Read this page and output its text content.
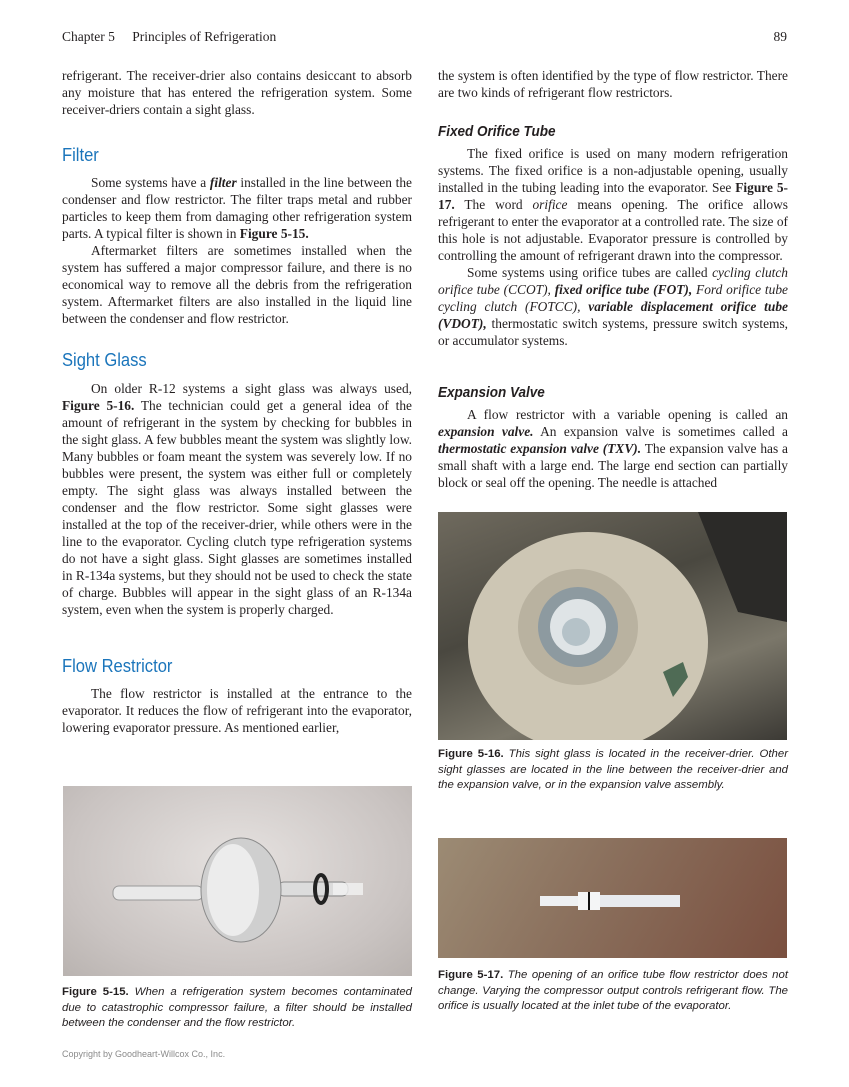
Chapter 5 Principles of Refrigeration	89

refrigerant. The receiver-drier also contains desiccant to absorb any moisture that has entered the refrigeration system. Some receiver-driers contain a sight glass.

Filter

Some systems have a filter installed in the line between the condenser and flow restrictor. The filter traps metal and rubber particles to keep them from damaging other refrigeration system parts. A typical filter is shown in Figure 5-15.

Aftermarket filters are sometimes installed when the system has suffered a major compressor failure, and there is no economical way to remove all the debris from the refrigeration system. Aftermarket filters are also installed in the liquid line between the condenser and flow restrictor.

Sight Glass

On older R-12 systems a sight glass was always used, Figure 5-16. The technician could get a general idea of the amount of refrigerant in the system by checking for bubbles in the sight glass. A few bubbles meant the system was slightly low. Many bubbles or foam meant the system was severely low. If no bubbles were present, the system was either full or completely empty. The sight glass was always installed between the condenser and the flow restrictor. Some sight glasses were installed at the top of the receiver-drier, while others were in the line to the evaporator. Cycling clutch type refrigeration systems do not have a sight glass. Sight glasses are sometimes installed in R-134a systems, but they should not be used to check the state of charge. Bubbles will appear in the sight glass of an R-134a system, even when the system is properly charged.

Flow Restrictor

The flow restrictor is installed at the entrance to the evaporator. It reduces the flow of refrigerant into the evaporator, lowering evaporator pressure. As mentioned earlier,

Figure 5-15. When a refrigeration system becomes contaminated due to catastrophic compressor failure, a filter should be installed between the condenser and the flow restrictor.
Copyright by Goodheart-Willcox Co., Inc.

the system is often identified by the type of flow restrictor. There are two kinds of refrigerant flow restrictors.

Fixed Orifice Tube

The fixed orifice is used on many modern refrigeration systems. The fixed orifice is a non-adjustable opening, usually installed in the tubing leading into the evaporator. See Figure 5-17. The word orifice means opening. The orifice allows refrigerant to enter the evaporator at a controlled rate. The size of this hole is not adjustable. Evaporator pressure is controlled by controlling the amount of refrigerant drawn into the compressor.

Some systems using orifice tubes are called cycling clutch orifice tube (CCOT), fixed orifice tube (FOT), Ford orifice tube cycling clutch (FOTCC), variable displacement orifice tube (VDOT), thermostatic switch systems, pressure switch systems, or accumulator systems.

Expansion Valve

A flow restrictor with a variable opening is called an expansion valve. An expansion valve is sometimes called a thermostatic expansion valve (TXV). The expansion valve has a small shaft with a large end. The large end section can partially block or seal off the opening. The needle is attached

Figure 5-16. This sight glass is located in the receiver-drier. Other sight glasses are located in the line between the receiver-drier and the expansion valve, or in the expansion valve assembly.
Figure 5-17. The opening of an orifice tube flow restrictor does not change. Varying the compressor output controls refrigerant flow. The orifice is usually located at the inlet tube of the evaporator.
